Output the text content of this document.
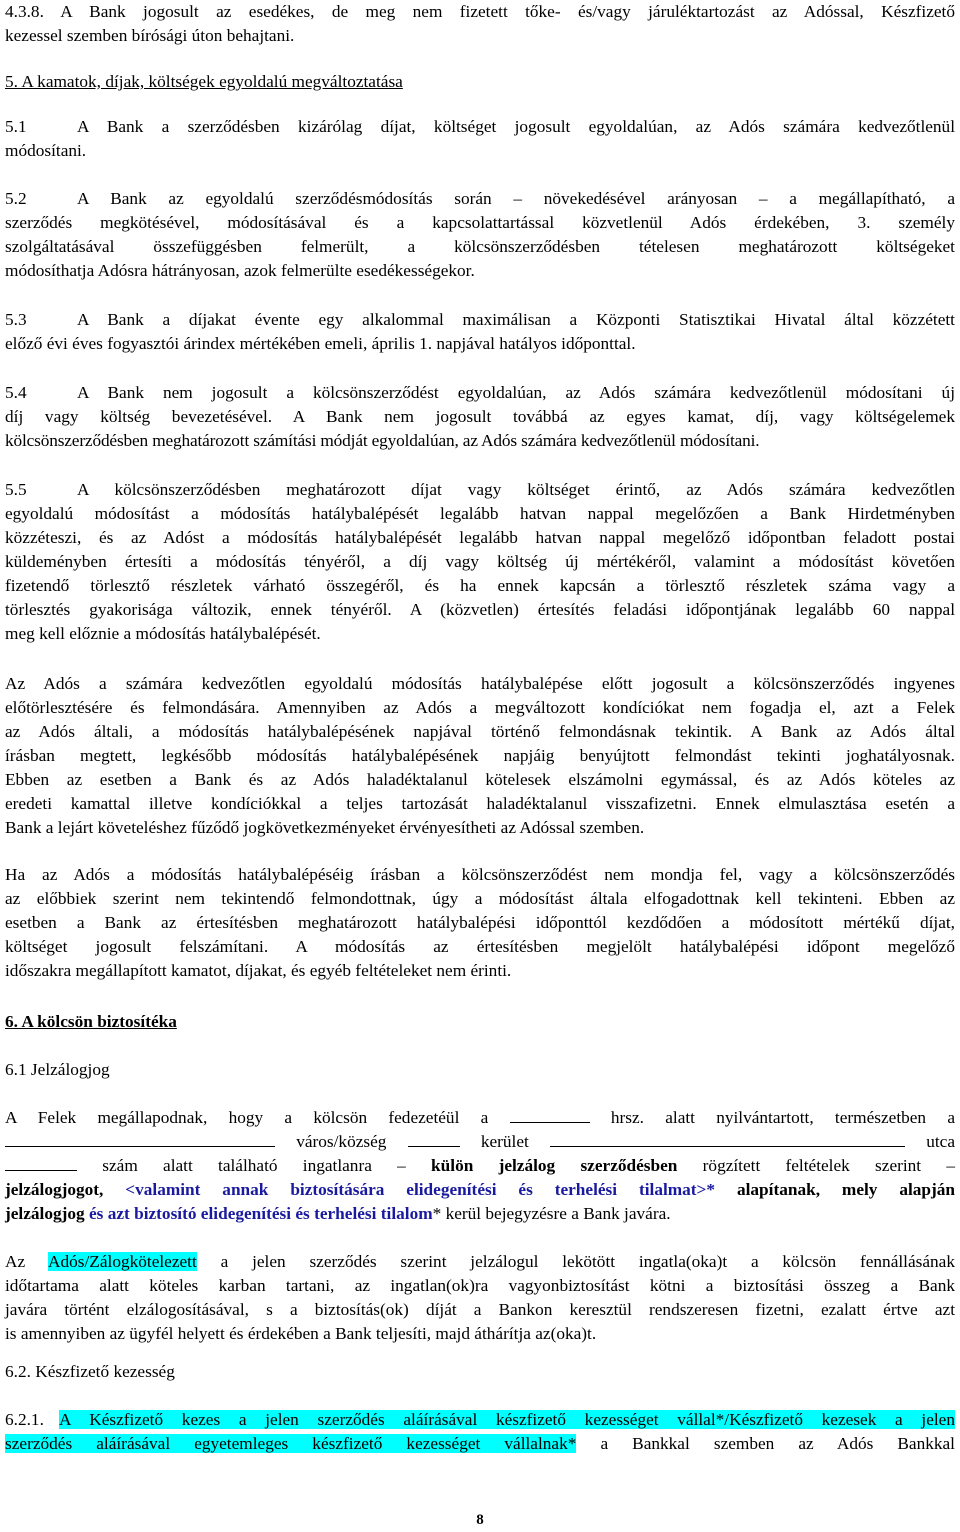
4.3.8. A Bank jogosult az esedékes, de meg nem fizetett tőke- és/vagy járuléktartozást az Adóssal, Készfizető

kezessel szemben bírósági úton behajtani.

5. A kamatok, díjak, költségek egyoldalú megváltoztatása

5.1	A Bank a szerződésben kizárólag díjat, költséget jogosult egyoldalúan, az Adós számára kedvezőtlenül

módosítani.

5.2	A Bank az egyoldalú szerződésmódosítás során – növekedésével arányosan – a megállapítható, a

szerződés megkötésével, módosításával és a kapcsolattartással közvetlenül Adós érdekében, 3. személy

szolgáltatásával összefüggésben felmerült, a kölcsönszerződésben tételesen meghatározott költségeket

módosíthatja Adósra hátrányosan, azok felmerülte esedékességekor.

5.3	A Bank a díjakat évente egy alkalommal maximálisan a Központi Statisztikai Hivatal által közzétett

előző évi éves fogyasztói árindex mértékében emeli, április 1. napjával hatályos időponttal.

5.4	A Bank nem jogosult a kölcsönszerződést egyoldalúan, az Adós számára kedvezőtlenül módosítani új

díj vagy költség bevezetésével. A Bank nem jogosult továbbá az egyes kamat, díj, vagy költségelemek

kölcsönszerződésben meghatározott számítási módját egyoldalúan, az Adós számára kedvezőtlenül módosítani.

5.5	A kölcsönszerződésben meghatározott díjat vagy költséget érintő, az Adós számára kedvezőtlen

egyoldalú módosítást a módosítás hatálybalépését legalább hatvan nappal megelőzően a Bank Hirdetményben

közzéteszi, és az Adóst a módosítás hatálybalépését legalább hatvan nappal megelőző időpontban feladott postai

küldeményben értesíti a módosítás tényéről, a díj vagy költség új mértékéről, valamint a módosítást követően

fizetendő törlesztő részletek várható összegéről, és ha ennek kapcsán a törlesztő részletek száma vagy a

törlesztés gyakorisága változik, ennek tényéről. A (közvetlen) értesítés feladási időpontjának legalább 60 nappal

meg kell előznie a módosítás hatálybalépését.

Az Adós a számára kedvezőtlen egyoldalú módosítás hatálybalépése előtt jogosult a kölcsönszerződés ingyenes

előtörlesztésére és felmondására. Amennyiben az Adós a megváltozott kondíciókat nem fogadja el, azt a Felek

az Adós általi, a módosítás hatálybalépésének napjával történő felmondásnak tekintik. A Bank az Adós által

írásban megtett, legkésőbb módosítás hatálybalépésének napjáig benyújtott felmondást tekinti joghatályosnak.

Ebben az esetben a Bank és az Adós haladéktalanul kötelesek elszámolni egymással, és az Adós köteles az

eredeti kamattal illetve kondíciókkal a teljes tartozását haladéktalanul visszafizetni. Ennek elmulasztása esetén a

Bank a lejárt követeléshez fűződő jogkövetkezményeket érvényesítheti az Adóssal szemben.

Ha az Adós a módosítás hatálybalépéséig írásban a kölcsönszerződést nem mondja fel, vagy a kölcsönszerződés

az előbbiek szerint nem tekintendő felmondottnak, úgy a módosítást általa elfogadottnak kell tekinteni. Ebben az

esetben a Bank az értesítésben meghatározott hatálybalépési időponttól kezdődően a módosított mértékű díjat,

költséget jogosult felszámítani. A módosítás az értesítésben megjelölt hatálybalépési időpont megelőző

időszakra megállapított kamatot, díjakat, és egyéb feltételeket nem érinti.

6. A kölcsön biztosítéka

6.1 Jelzálogjog

A Felek megállapodnak, hogy a kölcsön fedezetéül a	hrsz. alatt nyilvántartott, természetben a

város/község	kerület	utca

szám alatt található ingatlanra – külön jelzálog szerződésben rögzített feltételek szerint –

jelzálogjogot, <valamint annak biztosítására elidegenítési és terhelési tilalmat>* alapítanak, mely alapján

jelzálogjog és azt biztosító elidegenítési és terhelési tilalom* kerül bejegyzésre a Bank javára.

Az Adós/Zálogkötelezett a jelen szerződés szerint jelzálogul lekötött ingatla(oka)t a kölcsön fennállásának

időtartama alatt köteles karban tartani, az ingatlan(ok)ra vagyonbiztosítást kötni a biztosítási összeg a Bank

javára történt elzálogosításával, s a biztosítás(ok) díját a Bankon keresztül rendszeresen fizetni, ezalatt értve azt

is amennyiben az ügyfél helyett és érdekében a Bank teljesíti, majd áthárítja az(oka)t.

6.2. Készfizető kezesség

6.2.1. A Készfizető kezes a jelen szerződés aláírásával készfizető kezességet vállal*/Készfizető kezesek a jelen

szerződés aláírásával egyetemleges készfizető kezességet vállalnak* a Bankkal szemben az Adós Bankkal

8
